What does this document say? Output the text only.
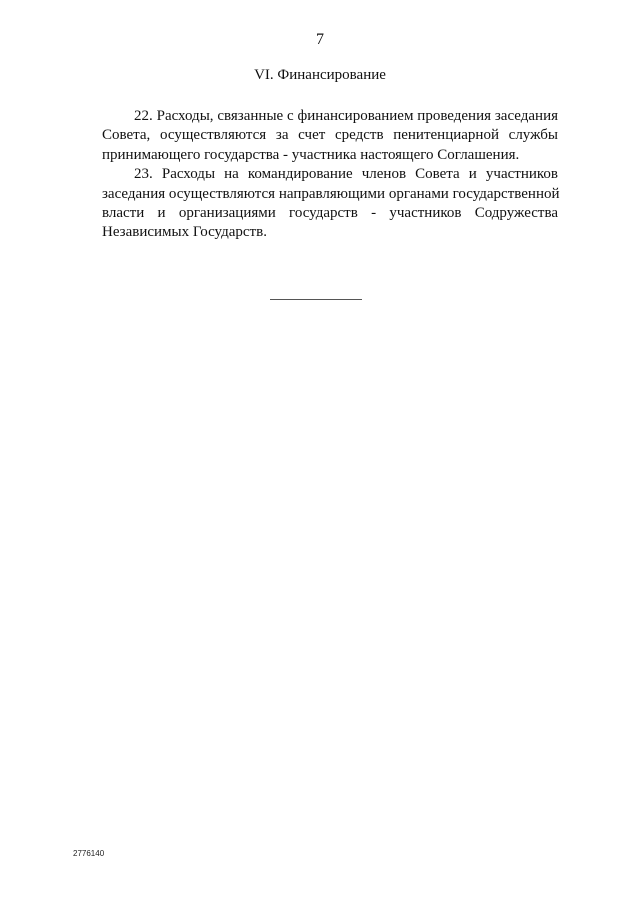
7
VI. Финансирование
22. Расходы, связанные с финансированием проведения заседания
Совета, осуществляются за счет средств пенитенциарной службы
принимающего государства - участника настоящего Соглашения.
23. Расходы на командирование членов Совета и участников
заседания осуществляются направляющими органами государственной
власти и организациями государств - участников Содружества
Независимых Государств.
2776140
